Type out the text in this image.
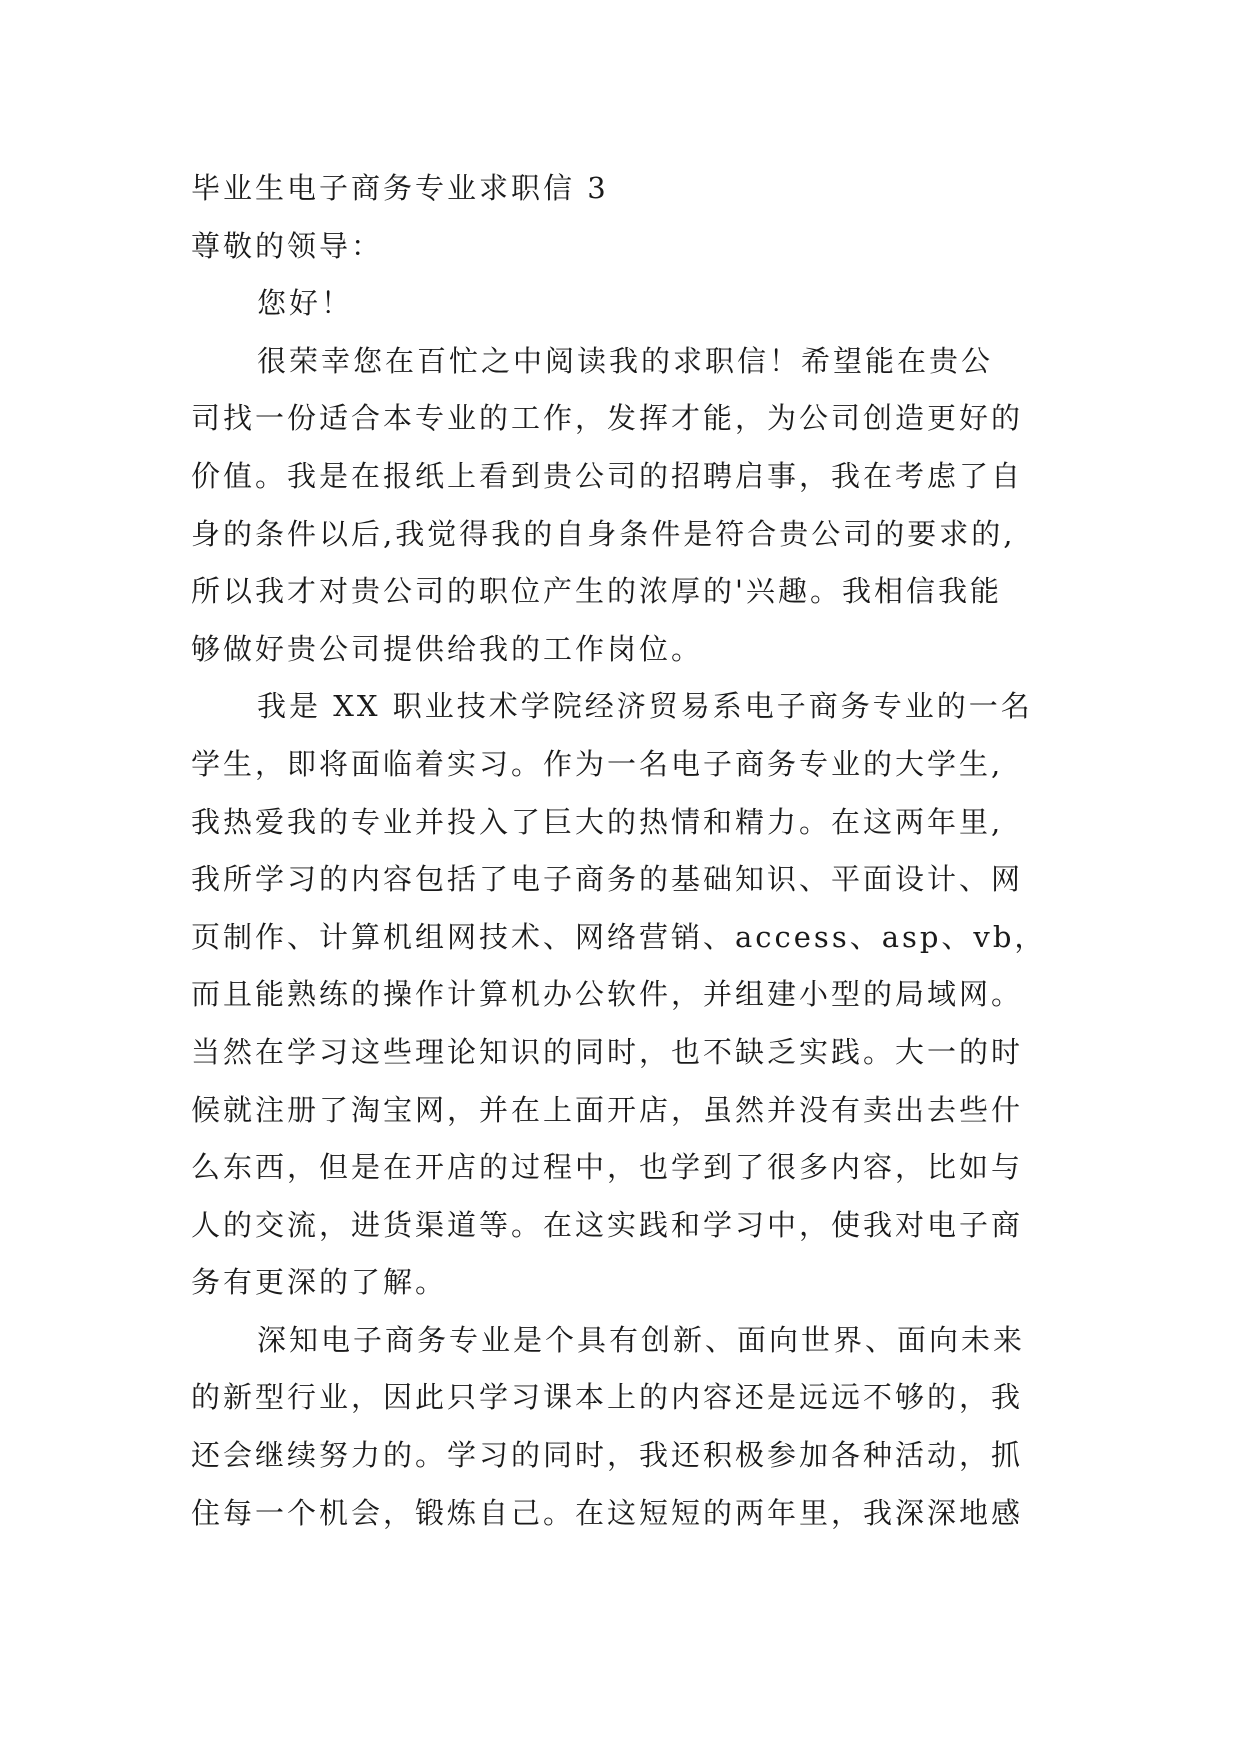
毕业生电子商务专业求职信 3
尊敬的领导：
您好！
很荣幸您在百忙之中阅读我的求职信！希望能在贵公
司找一份适合本专业的工作，发挥才能，为公司创造更好的
价值。我是在报纸上看到贵公司的招聘启事，我在考虑了自
身的条件以后,我觉得我的自身条件是符合贵公司的要求的,
所以我才对贵公司的职位产生的浓厚的'兴趣。我相信我能
够做好贵公司提供给我的工作岗位。
我是 XX 职业技术学院经济贸易系电子商务专业的一名
学生，即将面临着实习。作为一名电子商务专业的大学生,
我热爱我的专业并投入了巨大的热情和精力。在这两年里,
我所学习的内容包括了电子商务的基础知识、平面设计、网
页制作、计算机组网技术、网络营销、access、asp、vb，
而且能熟练的操作计算机办公软件，并组建小型的局域网。
当然在学习这些理论知识的同时，也不缺乏实践。大一的时
候就注册了淘宝网，并在上面开店，虽然并没有卖出去些什
么东西，但是在开店的过程中，也学到了很多内容，比如与
人的交流，进货渠道等。在这实践和学习中，使我对电子商
务有更深的了解。
深知电子商务专业是个具有创新、面向世界、面向未来
的新型行业，因此只学习课本上的内容还是远远不够的，我
还会继续努力的。学习的同时，我还积极参加各种活动，抓
住每一个机会，锻炼自己。在这短短的两年里，我深深地感
